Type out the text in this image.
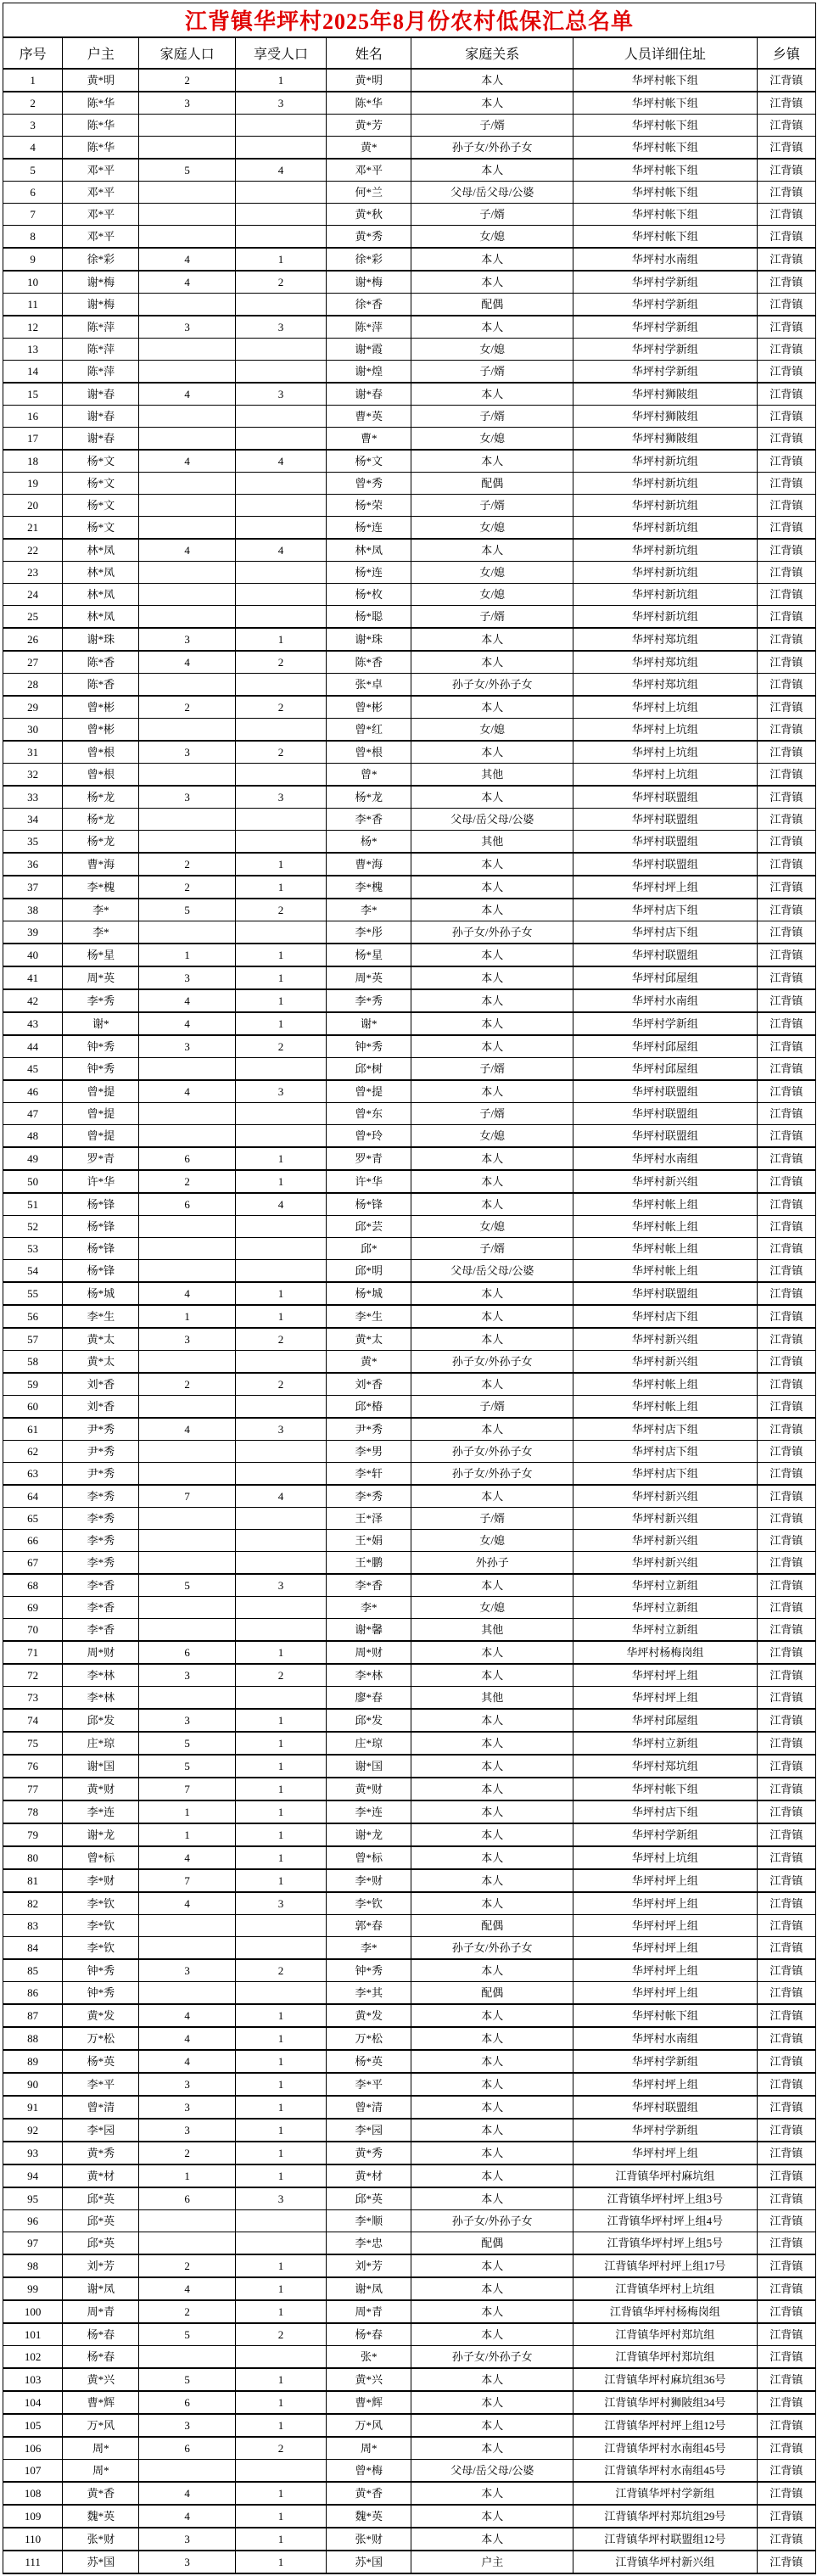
江背镇华坪村2025年8月份农村低保汇总名单							
序号	户主	家庭人口	享受人口	姓名	家庭关系	人员详细住址	乡镇
1	黄*明	2	1	黄*明	本人	华坪村帐下组	江背镇
2	陈*华	3	3	陈*华	本人	华坪村帐下组	江背镇
3	陈*华			黄*芳	子/婿	华坪村帐下组	江背镇
4	陈*华			黄*	孙子女/外孙子女	华坪村帐下组	江背镇
5	邓*平	5	4	邓*平	本人	华坪村帐下组	江背镇
6	邓*平			何*兰	父母/岳父母/公婆	华坪村帐下组	江背镇
7	邓*平			黄*秋	子/婿	华坪村帐下组	江背镇
8	邓*平			黄*秀	女/媳	华坪村帐下组	江背镇
9	徐*彩	4	1	徐*彩	本人	华坪村水南组	江背镇
10	谢*梅	4	2	谢*梅	本人	华坪村学新组	江背镇
11	谢*梅			徐*香	配偶	华坪村学新组	江背镇
12	陈*萍	3	3	陈*萍	本人	华坪村学新组	江背镇
13	陈*萍			谢*霞	女/媳	华坪村学新组	江背镇
14	陈*萍			谢*煌	子/婿	华坪村学新组	江背镇
15	谢*春	4	3	谢*春	本人	华坪村狮陂组	江背镇
16	谢*春			曹*英	子/婿	华坪村狮陂组	江背镇
17	谢*春			曹*	女/媳	华坪村狮陂组	江背镇
18	杨*文	4	4	杨*文	本人	华坪村新坑组	江背镇
19	杨*文			曾*秀	配偶	华坪村新坑组	江背镇
20	杨*文			杨*荣	子/婿	华坪村新坑组	江背镇
21	杨*文			杨*连	女/媳	华坪村新坑组	江背镇
22	林*凤	4	4	林*凤	本人	华坪村新坑组	江背镇
23	林*凤			杨*连	女/媳	华坪村新坑组	江背镇
24	林*凤			杨*枚	女/媳	华坪村新坑组	江背镇
25	林*凤			杨*聪	子/婿	华坪村新坑组	江背镇
26	谢*珠	3	1	谢*珠	本人	华坪村郑坑组	江背镇
27	陈*香	4	2	陈*香	本人	华坪村郑坑组	江背镇
28	陈*香			张*卓	孙子女/外孙子女	华坪村郑坑组	江背镇
29	曾*彬	2	2	曾*彬	本人	华坪村上坑组	江背镇
30	曾*彬			曾*红	女/媳	华坪村上坑组	江背镇
31	曾*根	3	2	曾*根	本人	华坪村上坑组	江背镇
32	曾*根			曾*	其他	华坪村上坑组	江背镇
33	杨*龙	3	3	杨*龙	本人	华坪村联盟组	江背镇
34	杨*龙			李*香	父母/岳父母/公婆	华坪村联盟组	江背镇
35	杨*龙			杨*	其他	华坪村联盟组	江背镇
36	曹*海	2	1	曹*海	本人	华坪村联盟组	江背镇
37	李*槐	2	1	李*槐	本人	华坪村坪上组	江背镇
38	李*	5	2	李*	本人	华坪村店下组	江背镇
39	李*			李*彤	孙子女/外孙子女	华坪村店下组	江背镇
40	杨*星	1	1	杨*星	本人	华坪村联盟组	江背镇
41	周*英	3	1	周*英	本人	华坪村邱屋组	江背镇
42	李*秀	4	1	李*秀	本人	华坪村水南组	江背镇
43	谢*	4	1	谢*	本人	华坪村学新组	江背镇
44	钟*秀	3	2	钟*秀	本人	华坪村邱屋组	江背镇
45	钟*秀			邱*树	子/婿	华坪村邱屋组	江背镇
46	曾*提	4	3	曾*提	本人	华坪村联盟组	江背镇
47	曾*提			曾*东	子/婿	华坪村联盟组	江背镇
48	曾*提			曾*玲	女/媳	华坪村联盟组	江背镇
49	罗*青	6	1	罗*青	本人	华坪村水南组	江背镇
50	许*华	2	1	许*华	本人	华坪村新兴组	江背镇
51	杨*锋	6	4	杨*锋	本人	华坪村帐上组	江背镇
52	杨*锋			邱*芸	女/媳	华坪村帐上组	江背镇
53	杨*锋			邱*	子/婿	华坪村帐上组	江背镇
54	杨*锋			邱*明	父母/岳父母/公婆	华坪村帐上组	江背镇
55	杨*城	4	1	杨*城	本人	华坪村联盟组	江背镇
56	李*生	1	1	李*生	本人	华坪村店下组	江背镇
57	黄*太	3	2	黄*太	本人	华坪村新兴组	江背镇
58	黄*太			黄*	孙子女/外孙子女	华坪村新兴组	江背镇
59	刘*香	2	2	刘*香	本人	华坪村帐上组	江背镇
60	刘*香			邱*椿	子/婿	华坪村帐上组	江背镇
61	尹*秀	4	3	尹*秀	本人	华坪村店下组	江背镇
62	尹*秀			李*男	孙子女/外孙子女	华坪村店下组	江背镇
63	尹*秀			李*轩	孙子女/外孙子女	华坪村店下组	江背镇
64	李*秀	7	4	李*秀	本人	华坪村新兴组	江背镇
65	李*秀			王*泽	子/婿	华坪村新兴组	江背镇
66	李*秀			王*娟	女/媳	华坪村新兴组	江背镇
67	李*秀			王*鹏	外孙子	华坪村新兴组	江背镇
68	李*香	5	3	李*香	本人	华坪村立新组	江背镇
69	李*香			李*	女/媳	华坪村立新组	江背镇
70	李*香			谢*馨	其他	华坪村立新组	江背镇
71	周*财	6	1	周*财	本人	华坪村杨梅岗组	江背镇
72	李*林	3	2	李*林	本人	华坪村坪上组	江背镇
73	李*林			廖*春	其他	华坪村坪上组	江背镇
74	邱*发	3	1	邱*发	本人	华坪村邱屋组	江背镇
75	庄*琼	5	1	庄*琼	本人	华坪村立新组	江背镇
76	谢*国	5	1	谢*国	本人	华坪村郑坑组	江背镇
77	黄*财	7	1	黄*财	本人	华坪村帐下组	江背镇
78	李*连	1	1	李*连	本人	华坪村店下组	江背镇
79	谢*龙	1	1	谢*龙	本人	华坪村学新组	江背镇
80	曾*标	4	1	曾*标	本人	华坪村上坑组	江背镇
81	李*财	7	1	李*财	本人	华坪村坪上组	江背镇
82	李*钦	4	3	李*钦	本人	华坪村坪上组	江背镇
83	李*钦			郭*春	配偶	华坪村坪上组	江背镇
84	李*钦			李*	孙子女/外孙子女	华坪村坪上组	江背镇
85	钟*秀	3	2	钟*秀	本人	华坪村坪上组	江背镇
86	钟*秀			李*其	配偶	华坪村坪上组	江背镇
87	黄*发	4	1	黄*发	本人	华坪村帐下组	江背镇
88	万*松	4	1	万*松	本人	华坪村水南组	江背镇
89	杨*英	4	1	杨*英	本人	华坪村学新组	江背镇
90	李*平	3	1	李*平	本人	华坪村坪上组	江背镇
91	曾*清	3	1	曾*清	本人	华坪村联盟组	江背镇
92	李*园	3	1	李*园	本人	华坪村学新组	江背镇
93	黄*秀	2	1	黄*秀	本人	华坪村坪上组	江背镇
94	黄*材	1	1	黄*材	本人	江背镇华坪村麻坑组	江背镇
95	邱*英	6	3	邱*英	本人	江背镇华坪村坪上组3号	江背镇
96	邱*英			李*顺	孙子女/外孙子女	江背镇华坪村坪上组4号	江背镇
97	邱*英			李*忠	配偶	江背镇华坪村坪上组5号	江背镇
98	刘*芳	2	1	刘*芳	本人	江背镇华坪村坪上组17号	江背镇
99	谢*凤	4	1	谢*凤	本人	江背镇华坪村上坑组	江背镇
100	周*青	2	1	周*青	本人	江背镇华坪村杨梅岗组	江背镇
101	杨*春	5	2	杨*春	本人	江背镇华坪村郑坑组	江背镇
102	杨*春			张*	孙子女/外孙子女	江背镇华坪村郑坑组	江背镇
103	黄*兴	5	1	黄*兴	本人	江背镇华坪村麻坑组36号	江背镇
104	曹*辉	6	1	曹*辉	本人	江背镇华坪村狮陂组34号	江背镇
105	万*风	3	1	万*风	本人	江背镇华坪村坪上组12号	江背镇
106	周*	6	2	周*	本人	江背镇华坪村水南组45号	江背镇
107	周*			曾*梅	父母/岳父母/公婆	江背镇华坪村水南组45号	江背镇
108	黄*香	4	1	黄*香	本人	江背镇华坪村学新组	江背镇
109	魏*英	4	1	魏*英	本人	江背镇华坪村郑坑组29号	江背镇
110	张*财	3	1	张*财	本人	江背镇华坪村联盟组12号	江背镇
111	苏*国	3	1	苏*国	户主	江背镇华坪村新兴组	江背镇
